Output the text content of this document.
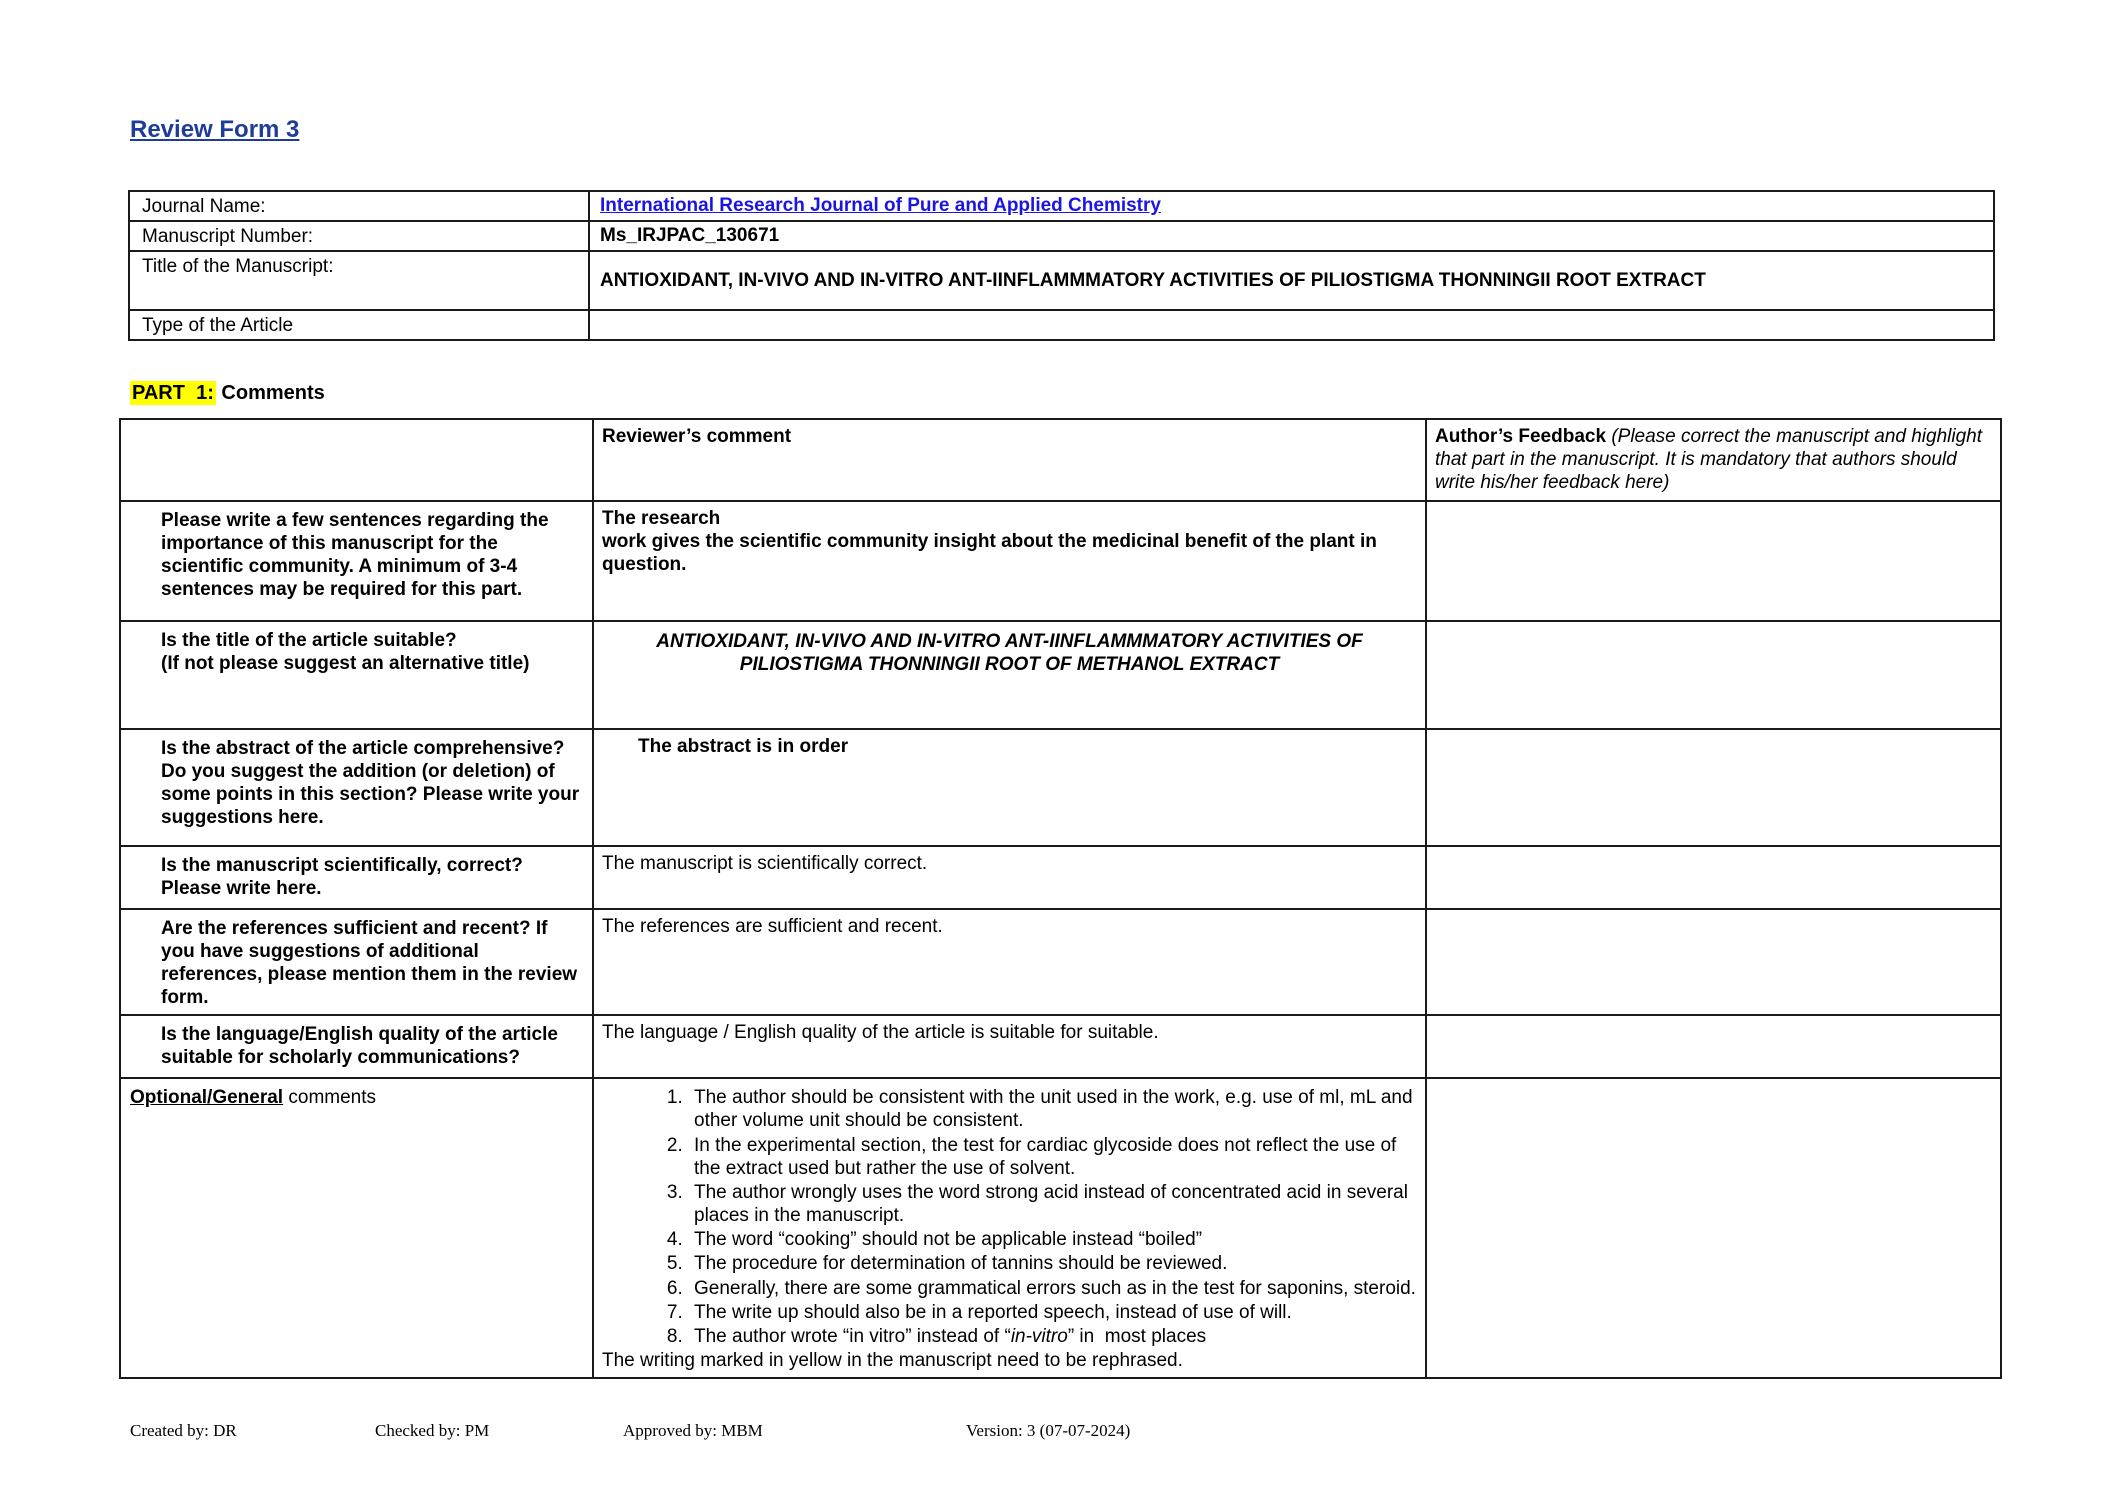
Review Form 3
Journal Name:	International Research Journal of Pure and Applied Chemistry
Manuscript Number:	Ms_IRJPAC_130671
Title of the Manuscript:	ANTIOXIDANT, IN-VIVO AND IN-VITRO ANT-IINFLAMMMATORY ACTIVITIES OF PILIOSTIGMA THONNINGII ROOT EXTRACT
Type of the Article	
PART  1: Comments
	Reviewer’s comment	Author’s Feedback (Please correct the manuscript and highlight that part in the manuscript. It is mandatory that authors should write his/her feedback here)
Please write a few sentences regarding the importance of this manuscript for the scientific community. A minimum of 3-4 sentences may be required for this part.	The research
work gives the scientific community insight about the medicinal benefit of the plant in question.	

Is the title of the article suitable?
(If not please suggest an alternative title)	ANTIOXIDANT, IN-VIVO AND IN-VITRO ANT-IINFLAMMMATORY ACTIVITIES OF PILIOSTIGMA THONNINGII ROOT OF METHANOL EXTRACT	
Is the abstract of the article comprehensive? Do you suggest the addition (or deletion) of some points in this section? Please write your suggestions here.	The abstract is in order	
Is the manuscript scientifically, correct? Please write here.	The manuscript is scientifically correct.	
Are the references sufficient and recent? If you have suggestions of additional references, please mention them in the review form.	The references are sufficient and recent.	
Is the language/English quality of the article suitable for scholarly communications?	The language / English quality of the article is suitable for suitable.	
Optional/General comments	
1.The author should be consistent with the unit used in the work, e.g. use of ml, mL and other volume unit should be consistent.
2. In the experimental section, the test for cardiac glycoside does not reflect the use of the extract used but rather the use of solvent.
3. The author wrongly uses the word strong acid instead of concentrated acid in several places in the manuscript.
4. The word “cooking” should not be applicable instead “boiled”
5. The procedure for determination of tannins should be reviewed.
6. Generally, there are some grammatical errors such as in the test for saponins, steroid.
7. The write up should also be in a reported speech, instead of use of will.
8. The author wrote “in vitro” instead of “in-vitro” in  most places
The writing marked in yellow in the manuscript need to be rephrased.

Created by: DR	Checked by: PM	Approved by: MBM	Version: 3 (07-07-2024)
